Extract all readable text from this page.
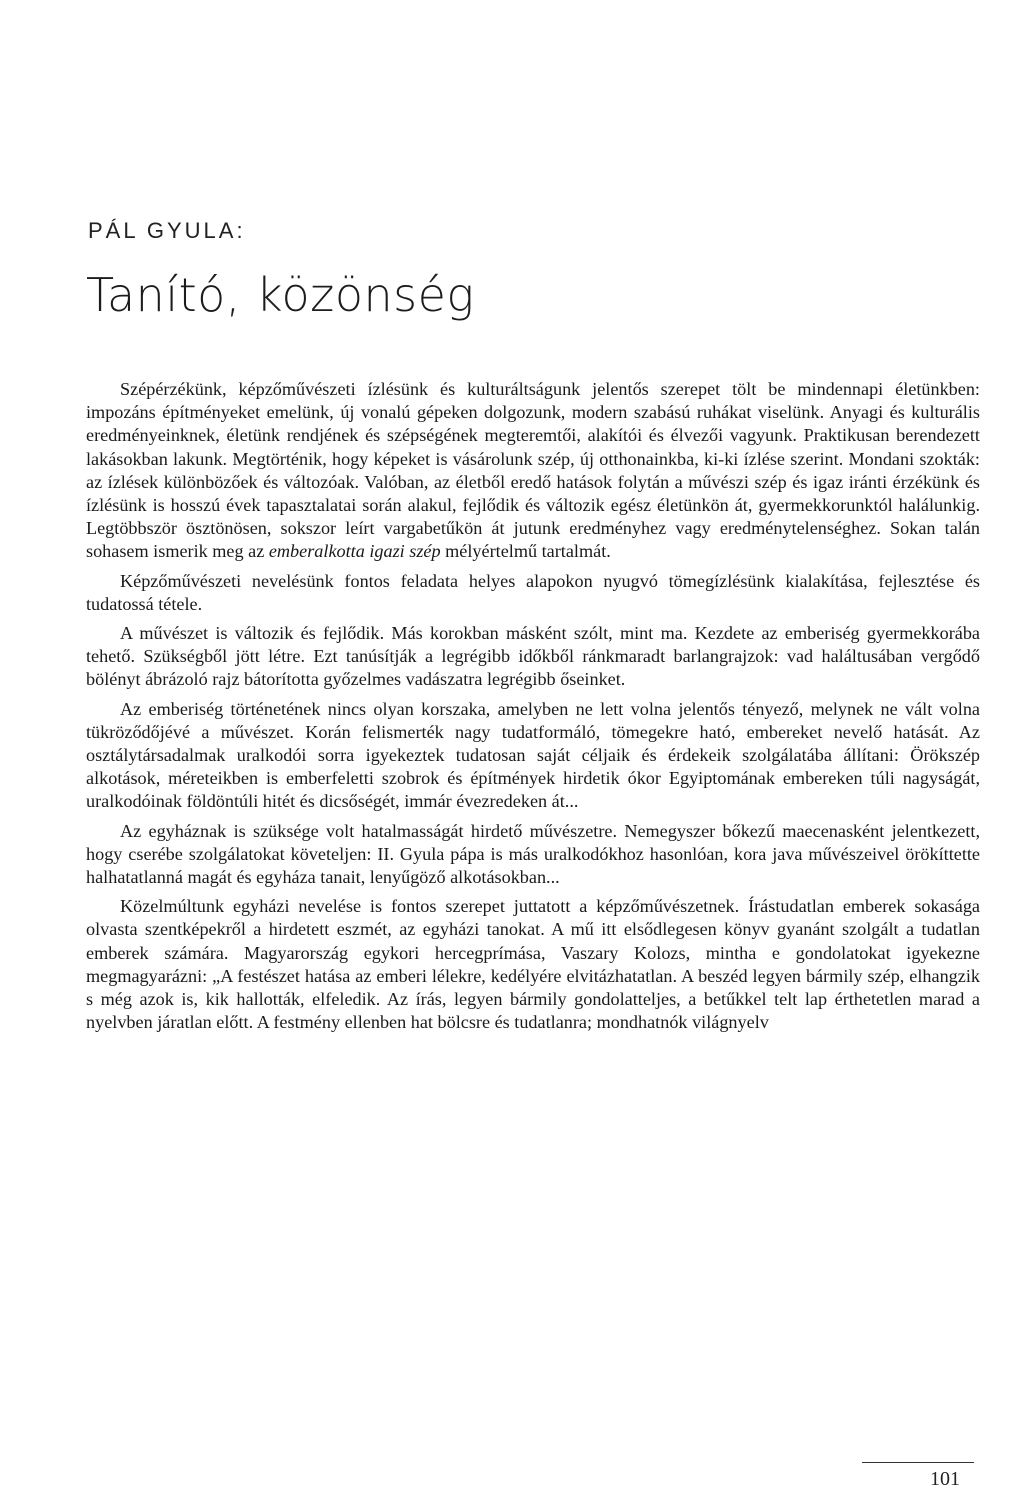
PÁL GYULA:
Tanító, közönség

Szépérzékünk, képzőművészeti ízlésünk és kulturáltságunk jelentős szerepet tölt be mindennapi életünkben: impozáns építményeket emelünk, új vonalú gépeken dolgozunk, modern szabású ruhákat viselünk. Anyagi és kulturális eredményeinknek, életünk rendjének és szépségének megteremtői, alakítói és élvezői vagyunk. Praktikusan berendezett lakásokban lakunk. Megtörténik, hogy képeket is vásárolunk szép, új otthonainkba, ki-ki ízlése szerint. Mondani szokták: az ízlések különbözőek és változóak. Valóban, az életből eredő hatások folytán a művészi szép és igaz iránti érzékünk és ízlésünk is hosszú évek tapasztalatai során alakul, fejlődik és változik egész életünkön át, gyermekkorunktól halálunkig. Legtöbbször ösztönösen, sokszor leírt vargabetűkön át jutunk eredményhez vagy eredménytelenséghez. Sokan talán sohasem ismerik meg az emberalkotta igazi szép mélyértelmű tartalmát.

Képzőművészeti nevelésünk fontos feladata helyes alapokon nyugvó tömegízlésünk kialakítása, fejlesztése és tudatossá tétele.

A művészet is változik és fejlődik. Más korokban másként szólt, mint ma. Kezdete az emberiség gyermekkorába tehető. Szükségből jött létre. Ezt tanúsítják a legrégibb időkből ránkmaradt barlangrajzok: vad haláltusában vergődő bölényt ábrázoló rajz bátorította győzelmes vadászatra legrégibb őseinket.

Az emberiség történetének nincs olyan korszaka, amelyben ne lett volna jelentős tényező, melynek ne vált volna tükröződőjévé a művészet. Korán felismerték nagy tudatformáló, tömegekre ható, embereket nevelő hatását. Az osztálytársadalmak uralkodói sorra igyekeztek tudatosan saját céljaik és érdekeik szolgálatába állítani: Örökszép alkotások, méreteikben is emberfeletti szobrok és építmények hirdetik ókor Egyiptomának embereken túli nagyságát, uralkodóinak földöntúli hitét és dicsőségét, immár évezredeken át...

Az egyháznak is szüksége volt hatalmasságát hirdető művészetre. Nemegyszer bőkezű maecenasként jelentkezett, hogy cserébe szolgálatokat követeljen: II. Gyula pápa is más uralkodókhoz hasonlóan, kora java művészeivel örökíttette halhatatlanná magát és egyháza tanait, lenyűgöző alkotásokban...

Közelmúltunk egyházi nevelése is fontos szerepet juttatott a képzőművészetnek. Írástudatlan emberek sokasága olvasta szentképekről a hirdetett eszmét, az egyházi tanokat. A mű itt elsődlegesen könyv gyanánt szolgált a tudatlan emberek számára. Magyarország egykori hercegprímása, Vaszary Kolozs, mintha e gondolatokat igyekezne megmagyarázni: „A festészet hatása az emberi lélekre, kedélyére elvitázhatatlan. A beszéd legyen bármily szép, elhangzik s még azok is, kik hallották, elfeledik. Az írás, legyen bármily gondolatteljes, a betűkkel telt lap érthetetlen marad a nyelvben járatlan előtt. A festmény ellenben hat bölcsre és tudatlanra; mondhatnók világnyelv

101
